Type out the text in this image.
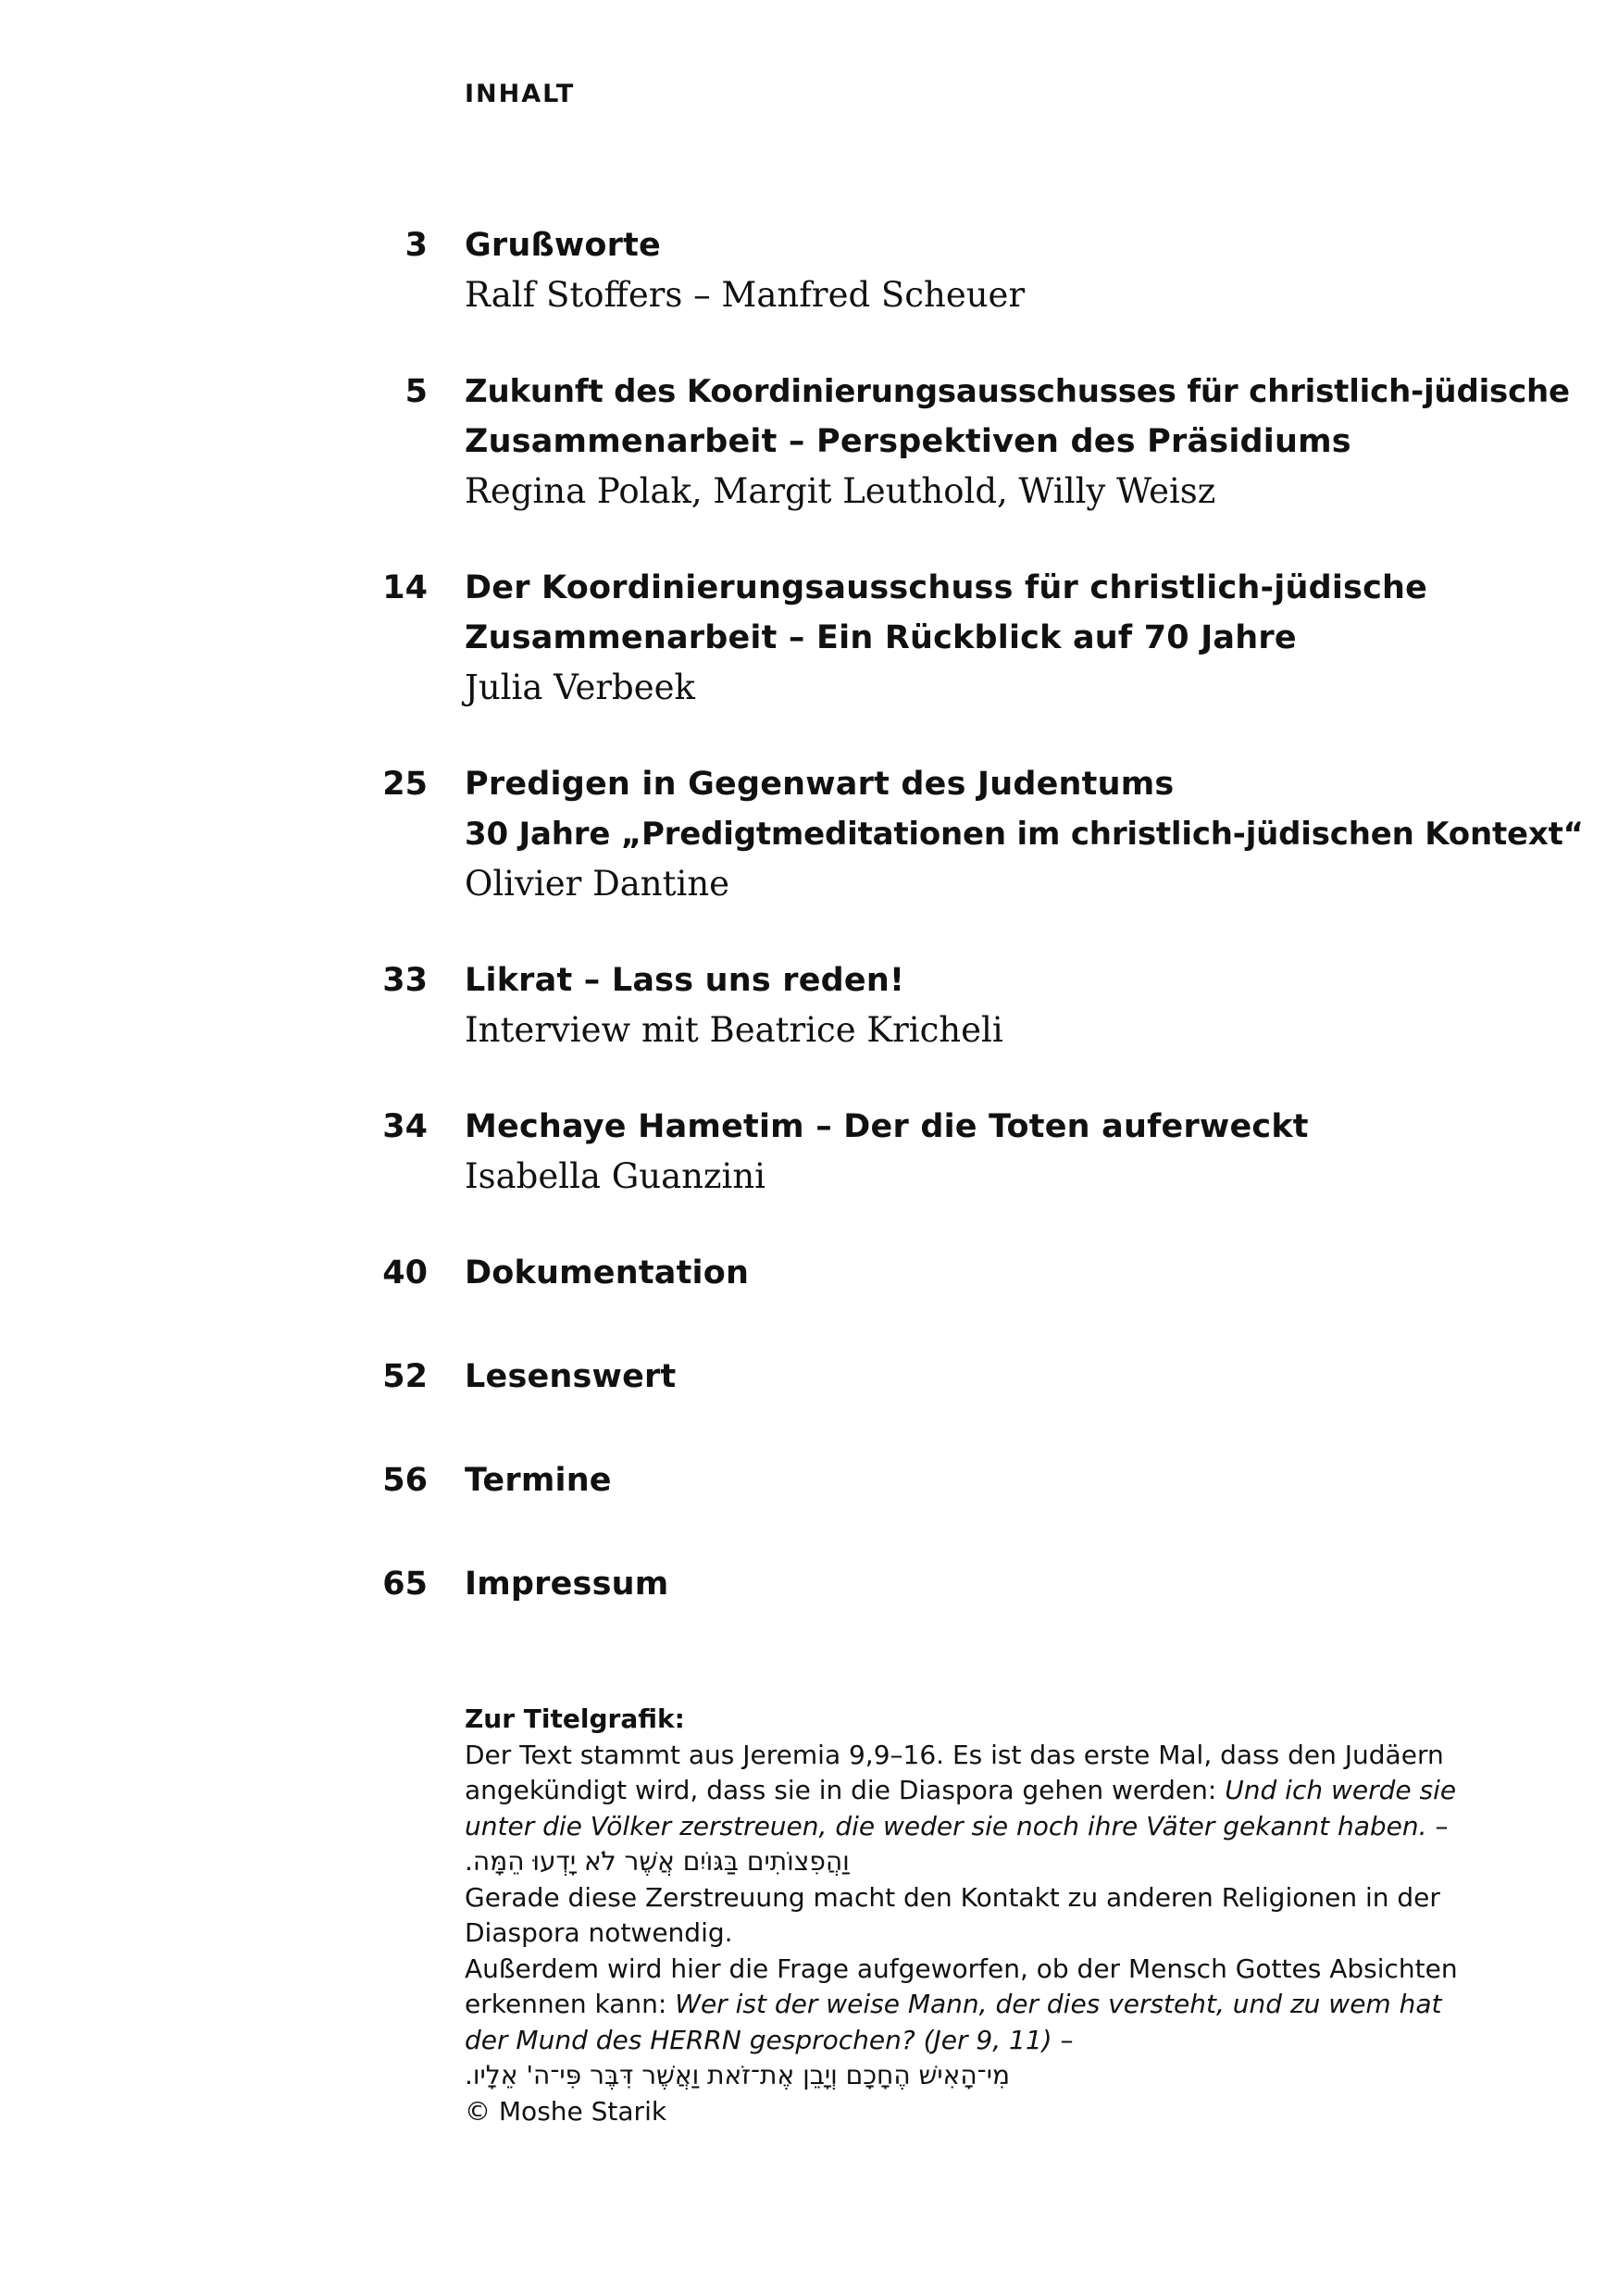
INHALT
3 Grußworte
Ralf Stoffers – Manfred Scheuer
5 Zukunft des Koordinierungsausschusses für christlich-jüdische
Zusammenarbeit – Perspektiven des Präsidiums
Regina Polak, Margit Leuthold, Willy Weisz
14 Der Koordinierungsausschuss für christlich-jüdische
Zusammenarbeit – Ein Rückblick auf 70 Jahre
Julia Verbeek
25 Predigen in Gegenwart des Judentums
30 Jahre „Predigtmeditationen im christlich-jüdischen Kontext“
Olivier Dantine
33 Likrat – Lass uns reden!
Interview mit Beatrice Kricheli
34 Mechaye Hametim – Der die Toten auferweckt
Isabella Guanzini
40 Dokumentation
52 Lesenswert
56 Termine
65 Impressum

Zur Titelgrafik:

Der Text stammt aus Jeremia 9,9–16. Es ist das erste Mal, dass den Judäern angekündigt wird, dass sie in die Diaspora gehen werden: Und ich werde sie unter die Völker zerstreuen, die weder sie noch ihre Väter gekannt haben. –

וַהֲפִצוֹתִים בַּגּוֹיִם אֲשֶׁר לֹא יָדְעוּ הֵמָּה.

Gerade diese Zerstreuung macht den Kontakt zu anderen Religionen in der Diaspora notwendig.

Außerdem wird hier die Frage aufgeworfen, ob der Mensch Gottes Absichten erkennen kann: Wer ist der weise Mann, der dies versteht, und zu wem hat der Mund des HERRN gesprochen? (Jer 9, 11) –

מִי־הָאִישׁ הֶחָכָם וְיָבֵן אֶת־זֹאת וַאֲשֶׁר דִּבֶּר פִּי־ה' אֵלָיו.

© Moshe Starik
